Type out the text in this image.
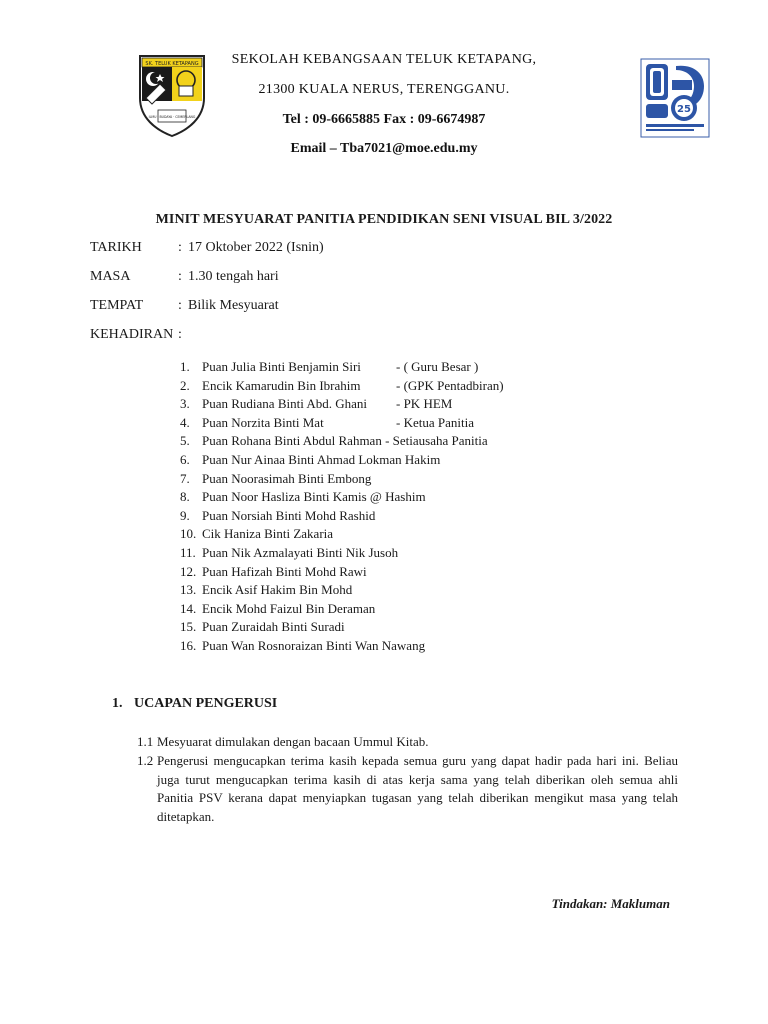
SK. TELUK KETAPANG
ILMU · BUDAYA · CEMERLANG
SEKOLAH KEBANGSAAN TELUK KETAPANG,
21300 KUALA NERUS, TERENGGANU.
Tel : 09-6665885 Fax : 09-6674987
Email – Tba7021@moe.edu.my
25
MINIT MESYUARAT PANITIA PENDIDIKAN SENI VISUAL BIL 3/2022
TARIKH	: 17 Oktober 2022 (Isnin)
MASA	: 1.30 tengah hari
TEMPAT : Bilik Mesyuarat
KEHADIRAN :
1. Puan Julia Binti Benjamin Siri	- ( Guru Besar )
2. Encik Kamarudin Bin Ibrahim	- (GPK Pentadbiran)
3. Puan Rudiana Binti Abd. Ghani - PK HEM
4. Puan Norzita Binti Mat	- Ketua Panitia
5. Puan Rohana Binti Abdul Rahman - Setiausaha Panitia
6. Puan Nur Ainaa Binti Ahmad Lokman Hakim
7. Puan Noorasimah Binti Embong
8. Puan Noor Hasliza Binti Kamis @ Hashim
9. Puan Norsiah Binti Mohd Rashid
10. Cik Haniza Binti Zakaria
11. Puan Nik Azmalayati Binti Nik Jusoh
12. Puan Hafizah Binti Mohd Rawi
13. Encik Asif Hakim Bin Mohd
14. Encik Mohd Faizul Bin Deraman
15. Puan Zuraidah Binti Suradi
16. Puan Wan Rosnoraizan Binti Wan Nawang
1. UCAPAN PENGERUSI
1.1 Mesyuarat dimulakan dengan bacaan Ummul Kitab.
1.2 Pengerusi mengucapkan terima kasih kepada semua guru yang dapat hadir pada hari ini. Beliau juga turut mengucapkan terima kasih di atas kerja sama yang telah diberikan oleh semua ahli Panitia PSV kerana dapat menyiapkan tugasan yang telah diberikan mengikut masa yang telah ditetapkan.
Tindakan: Makluman
